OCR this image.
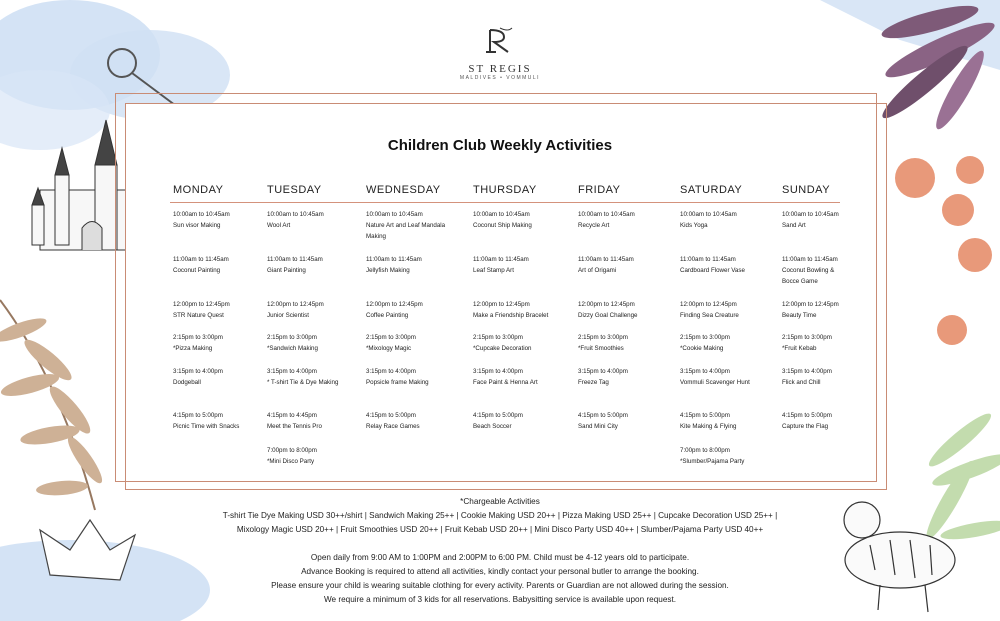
ST REGIS
MALDIVES • VOMMULI
Children Club Weekly Activities
MONDAY
10:00am to 10:45am
Sun visor Making
11:00am to 11:45am
Coconut Painting
12:00pm to 12:45pm
STR Nature Quest
2:15pm to 3:00pm
*Pizza Making
3:15pm to 4:00pm
Dodgeball
4:15pm to 5:00pm
Picnic Time with Snacks
TUESDAY
10:00am to 10:45am
Wool Art
11:00am to 11:45am
Giant Painting
12:00pm to 12:45pm
Junior Scientist
2:15pm to 3:00pm
*Sandwich Making
3:15pm to 4:00pm
* T-shirt Tie & Dye Making
4:15pm to 4:45pm
Meet the Tennis Pro
7:00pm to 8:00pm
*Mini Disco Party
WEDNESDAY
10:00am to 10:45am
Nature Art and Leaf Mandala
Making
11:00am to 11:45am
Jellyfish Making
12:00pm to 12:45pm
Coffee Painting
2:15pm to 3:00pm
*Mixology Magic
3:15pm to 4:00pm
Popsicle frame Making
4:15pm to 5:00pm
Relay Race Games
THURSDAY
10:00am to 10:45am
Coconut Ship Making
11:00am to 11:45am
Leaf Stamp Art
12:00pm to 12:45pm
Make a Friendship Bracelet
2:15pm to 3:00pm
*Cupcake Decoration
3:15pm to 4:00pm
Face Paint & Henna Art
4:15pm to 5:00pm
Beach Soccer
FRIDAY
10:00am to 10:45am
Recycle Art
11:00am to 11:45am
Art of Origami
12:00pm to 12:45pm
Dizzy Goal Challenge
2:15pm to 3:00pm
*Fruit Smoothies
3:15pm to 4:00pm
Freeze Tag
4:15pm to 5:00pm
Sand Mini City
SATURDAY
10:00am to 10:45am
Kids Yoga
11:00am to 11:45am
Cardboard Flower Vase
12:00pm to 12:45pm
Finding Sea Creature
2:15pm to 3:00pm
*Cookie Making
3:15pm to 4:00pm
Vommuli Scavenger Hunt
4:15pm to 5:00pm
Kite Making & Flying
7:00pm to 8:00pm
*Slumber/Pajama Party
SUNDAY
10:00am to 10:45am
Sand Art
11:00am to 11:45am
Coconut Bowling &
Bocce Game
12:00pm to 12:45pm
Beauty Time
2:15pm to 3:00pm
*Fruit Kebab
3:15pm to 4:00pm
Flick and Chill
4:15pm to 5:00pm
Capture the Flag
*Chargeable Activities
T-shirt Tie Dye Making USD 30++/shirt | Sandwich Making 25++ | Cookie Making USD 20++ | Pizza Making USD 25++ | Cupcake Decoration USD 25++ |
Mixology Magic USD 20++ | Fruit Smoothies USD 20++ | Fruit Kebab USD 20++ | Mini Disco Party USD 40++ | Slumber/Pajama Party USD 40++
Open daily from 9:00 AM to 1:00PM and 2:00PM to 6:00 PM. Child must be 4-12 years old to participate.
Advance Booking is required to attend all activities, kindly contact your personal butler to arrange the booking.
Please ensure your child is wearing suitable clothing for every activity. Parents or Guardian are not allowed during the session.
We require a minimum of 3 kids for all reservations. Babysitting service is available upon request.
